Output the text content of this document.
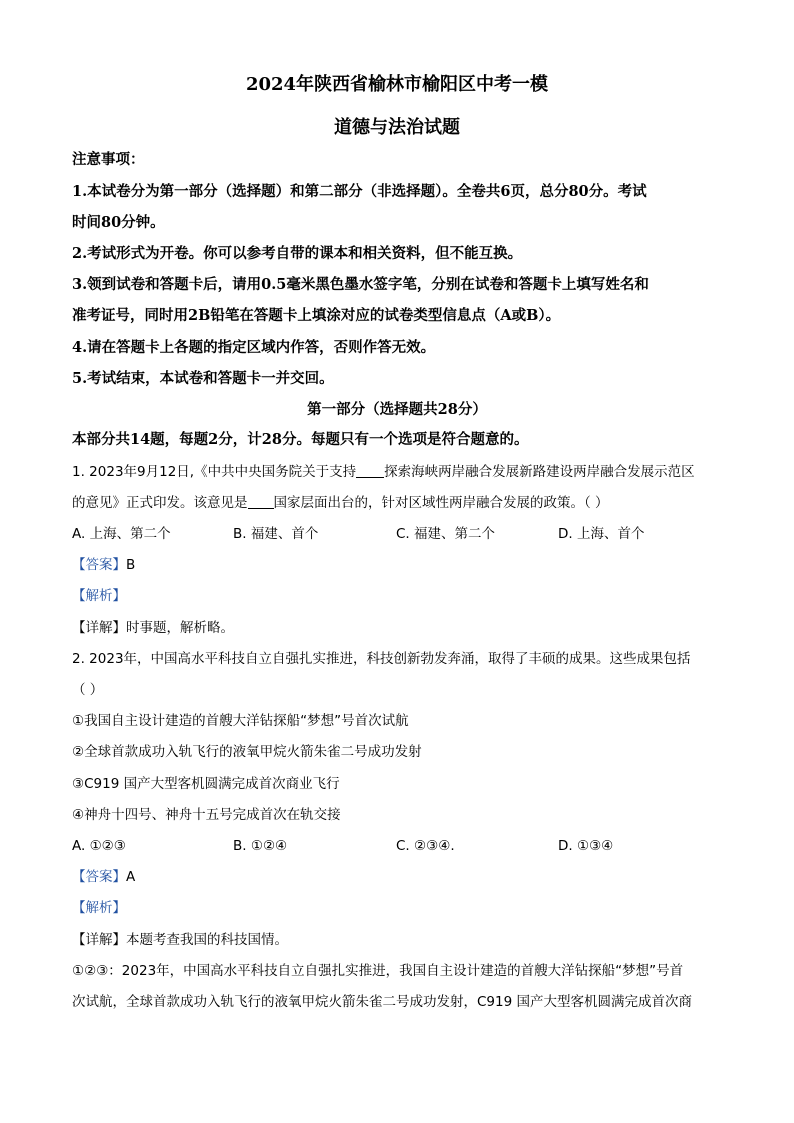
2024年陕西省榆林市榆阳区中考一模
道德与法治试题
注意事项：
1.本试卷分为第一部分（选择题）和第二部分（非选择题）。全卷共6页，总分80分。考试
时间80分钟。
2.考试形式为开卷。你可以参考自带的课本和相关资料，但不能互换。
3.领到试卷和答题卡后，请用0.5毫米黑色墨水签字笔，分别在试卷和答题卡上填写姓名和
准考证号，同时用2B铅笔在答题卡上填涂对应的试卷类型信息点（A或B）。
4.请在答题卡上各题的指定区域内作答，否则作答无效。
5.考试结束，本试卷和答题卡一并交回。
第一部分（选择题共28分）
本部分共14题，每题2分，计28分。每题只有一个选项是符合题意的。
1. 2023年9月12日,《中共中央国务院关于支持 探索海峡两岸融合发展新路建设两岸融合发展示范区
的意见》正式印发。该意见是 国家层面出台的，针对区域性两岸融合发展的政策。（ ）
A. 上海、第二个	B. 福建、首个	C. 福建、第二个	D. 上海、首个
【答案】B
【解析】
【详解】时事题，解析略。
2. 2023年，中国高水平科技自立自强扎实推进，科技创新勃发奔涌，取得了丰硕的成果。这些成果包括
（ ）
①我国自主设计建造的首艘大洋钻探船“梦想”号首次试航
②全球首款成功入轨飞行的液氧甲烷火箭朱雀二号成功发射
③C919 国产大型客机圆满完成首次商业飞行
④神舟十四号、神舟十五号完成首次在轨交接
A. ①②③	B. ①②④	C. ②③④.	D. ①③④
【答案】A
【解析】
【详解】本题考查我国的科技国情。
①②③：2023年，中国高水平科技自立自强扎实推进，我国自主设计建造的首艘大洋钻探船“梦想”号首
次试航，全球首款成功入轨飞行的液氧甲烷火箭朱雀二号成功发射，C919 国产大型客机圆满完成首次商
